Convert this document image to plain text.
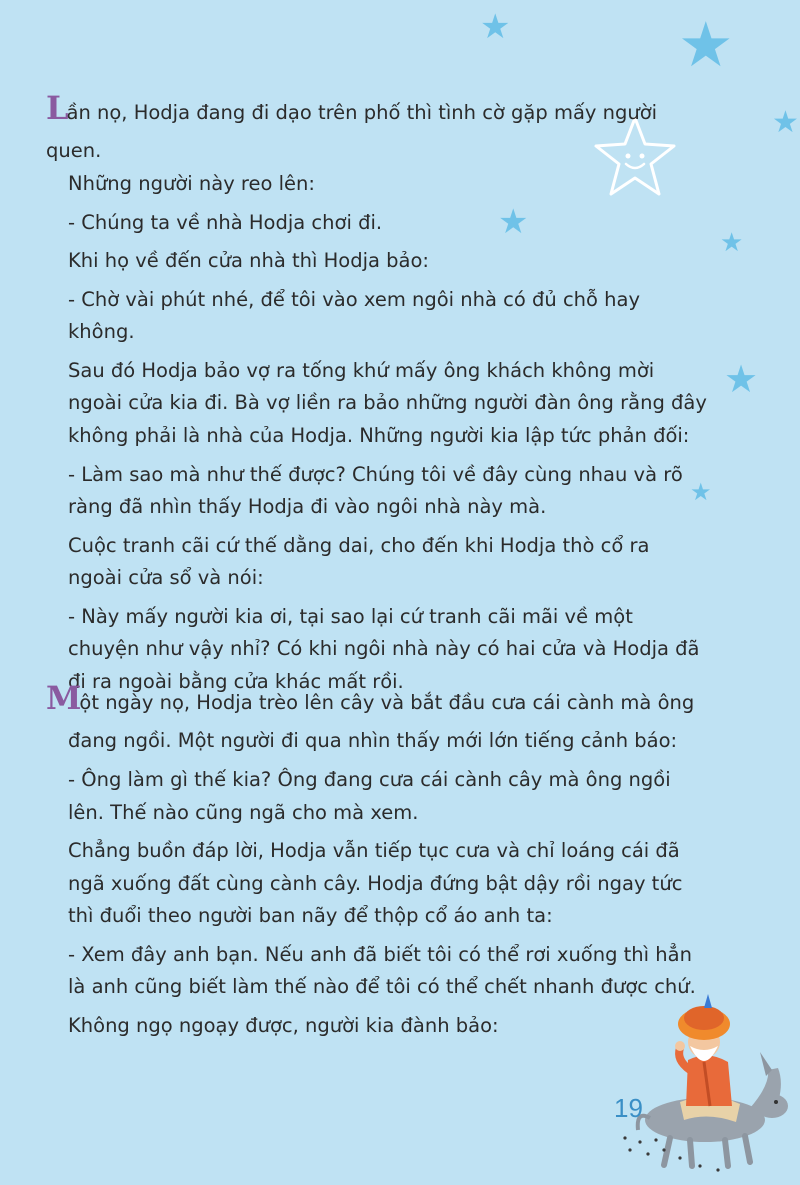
★	★
★
★
★
★
★

Lần nọ, Hodja đang đi dạo trên phố thì tình cờ gặp mấy người quen.

Những người này reo lên:

- Chúng ta về nhà Hodja chơi đi.

Khi họ về đến cửa nhà thì Hodja bảo:

- Chờ vài phút nhé, để tôi vào xem ngôi nhà có đủ chỗ hay không.

Sau đó Hodja bảo vợ ra tống khứ mấy ông khách không mời ngoài cửa kia đi. Bà vợ liền ra bảo những người đàn ông rằng đây không phải là nhà của Hodja. Những người kia lập tức phản đối:

- Làm sao mà như thế được? Chúng tôi về đây cùng nhau và rõ ràng đã nhìn thấy Hodja đi vào ngôi nhà này mà.

Cuộc tranh cãi cứ thế dằng dai, cho đến khi Hodja thò cổ ra ngoài cửa sổ và nói:

- Này mấy người kia ơi, tại sao lại cứ tranh cãi mãi về một chuyện như vậy nhỉ? Có khi ngôi nhà này có hai cửa và Hodja đã đi ra ngoài bằng cửa khác mất rồi.

Một ngày nọ, Hodja trèo lên cây và bắt đầu cưa cái cành mà ông

đang ngồi. Một người đi qua nhìn thấy mới lớn tiếng cảnh báo:

- Ông làm gì thế kia? Ông đang cưa cái cành cây mà ông ngồi lên. Thế nào cũng ngã cho mà xem.

Chẳng buồn đáp lời, Hodja vẫn tiếp tục cưa và chỉ loáng cái đã ngã xuống đất cùng cành cây. Hodja đứng bật dậy rồi ngay tức thì đuổi theo người ban nãy để thộp cổ áo anh ta:

- Xem đây anh bạn. Nếu anh đã biết tôi có thể rơi xuống thì hẳn là anh cũng biết làm thế nào để tôi có thể chết nhanh được chứ.

Không ngọ ngoạy được, người kia đành bảo:

19
